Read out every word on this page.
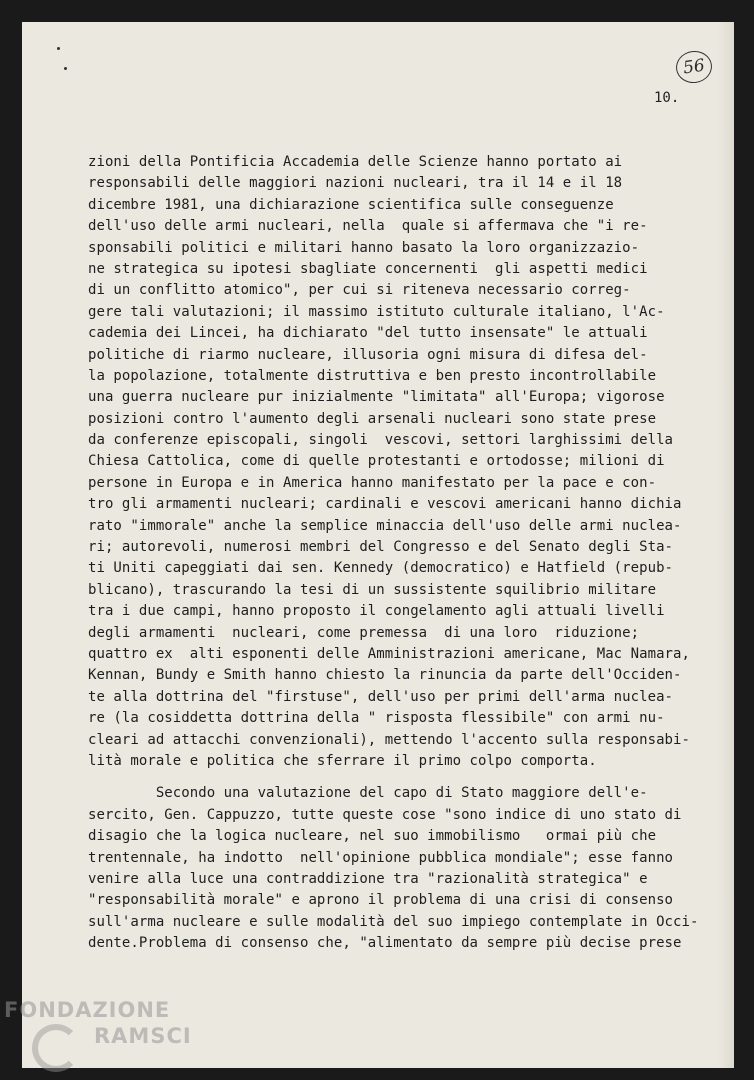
56
10.
zioni della Pontificia Accademia delle Scienze hanno portato ai
responsabili delle maggiori nazioni nucleari, tra il 14 e il 18
dicembre 1981, una dichiarazione scientifica sulle conseguenze
dell'uso delle armi nucleari, nella  quale si affermava che "i re-
sponsabili politici e militari hanno basato la loro organizzazio-
ne strategica su ipotesi sbagliate concernenti  gli aspetti medici
di un conflitto atomico", per cui si riteneva necessario correg-
gere tali valutazioni; il massimo istituto culturale italiano, l'Ac-
cademia dei Lincei, ha dichiarato "del tutto insensate" le attuali
politiche di riarmo nucleare, illusoria ogni misura di difesa del-
la popolazione, totalmente distruttiva e ben presto incontrollabile
una guerra nucleare pur inizialmente "limitata" all'Europa; vigorose
posizioni contro l'aumento degli arsenali nucleari sono state prese
da conferenze episcopali, singoli  vescovi, settori larghissimi della
Chiesa Cattolica, come di quelle protestanti e ortodosse; milioni di
persone in Europa e in America hanno manifestato per la pace e con-
tro gli armamenti nucleari; cardinali e vescovi americani hanno dichia
rato "immorale" anche la semplice minaccia dell'uso delle armi nuclea-
ri; autorevoli, numerosi membri del Congresso e del Senato degli Sta-
ti Uniti capeggiati dai sen. Kennedy (democratico) e Hatfield (repub-
blicano), trascurando la tesi di un sussistente squilibrio militare
tra i due campi, hanno proposto il congelamento agli attuali livelli
degli armamenti  nucleari, come premessa  di una loro  riduzione;
quattro ex  alti esponenti delle Amministrazioni americane, Mac Namara,
Kennan, Bundy e Smith hanno chiesto la rinuncia da parte dell'Occiden-
te alla dottrina del "firstuse", dell'uso per primi dell'arma nuclea-
re (la cosiddetta dottrina della " risposta flessibile" con armi nu-
cleari ad attacchi convenzionali), mettendo l'accento sulla responsabi-
lità morale e politica che sferrare il primo colpo comporta.
Secondo una valutazione del capo di Stato maggiore dell'e-
sercito, Gen. Cappuzzo, tutte queste cose "sono indice di uno stato di
disagio che la logica nucleare, nel suo immobilismo   ormai più che
trentennale, ha indotto  nell'opinione pubblica mondiale"; esse fanno
venire alla luce una contraddizione tra "razionalità strategica" e
"responsabilità morale" e aprono il problema di una crisi di consenso
sull'arma nucleare e sulle modalità del suo impiego contemplate in Occi-
dente.Problema di consenso che, "alimentato da sempre più decise prese
FONDAZIONE
RAMSCI
